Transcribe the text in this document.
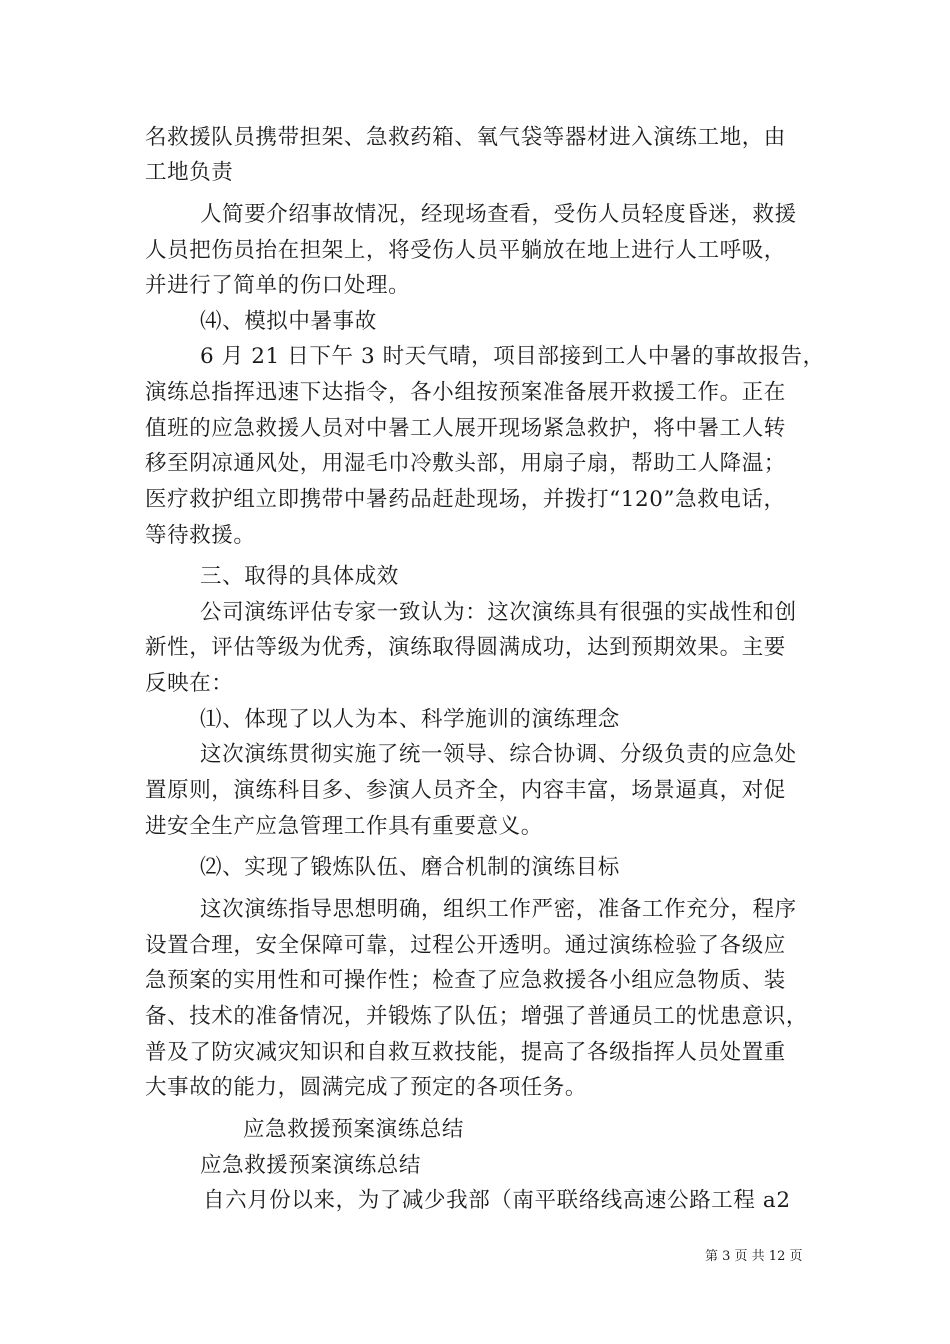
名救援队员携带担架、急救药箱、氧气袋等器材进入演练工地，由
工地负责
人简要介绍事故情况，经现场查看，受伤人员轻度昏迷，救援
人员把伤员抬在担架上，将受伤人员平躺放在地上进行人工呼吸，
并进行了简单的伤口处理。
⑷、模拟中暑事故
6 月 21 日下午 3 时天气晴，项目部接到工人中暑的事故报告，
演练总指挥迅速下达指令，各小组按预案准备展开救援工作。正在
值班的应急救援人员对中暑工人展开现场紧急救护，将中暑工人转
移至阴凉通风处，用湿毛巾冷敷头部，用扇子扇，帮助工人降温；
医疗救护组立即携带中暑药品赶赴现场，并拨打“120”急救电话，
等待救援。
三、取得的具体成效
公司演练评估专家一致认为：这次演练具有很强的实战性和创
新性，评估等级为优秀，演练取得圆满成功，达到预期效果。主要
反映在：
⑴、体现了以人为本、科学施训的演练理念
这次演练贯彻实施了统一领导、综合协调、分级负责的应急处
置原则，演练科目多、参演人员齐全，内容丰富，场景逼真，对促
进安全生产应急管理工作具有重要意义。
⑵、实现了锻炼队伍、磨合机制的演练目标
这次演练指导思想明确，组织工作严密，准备工作充分，程序
设置合理，安全保障可靠，过程公开透明。通过演练检验了各级应
急预案的实用性和可操作性；检查了应急救援各小组应急物质、装
备、技术的准备情况，并锻炼了队伍；增强了普通员工的忧患意识，
普及了防灾减灾知识和自救互救技能，提高了各级指挥人员处置重
大事故的能力，圆满完成了预定的各项任务。
应急救援预案演练总结
应急救援预案演练总结
自六月份以来，为了减少我部（南平联络线高速公路工程 a2
第 3 页 共 12 页
